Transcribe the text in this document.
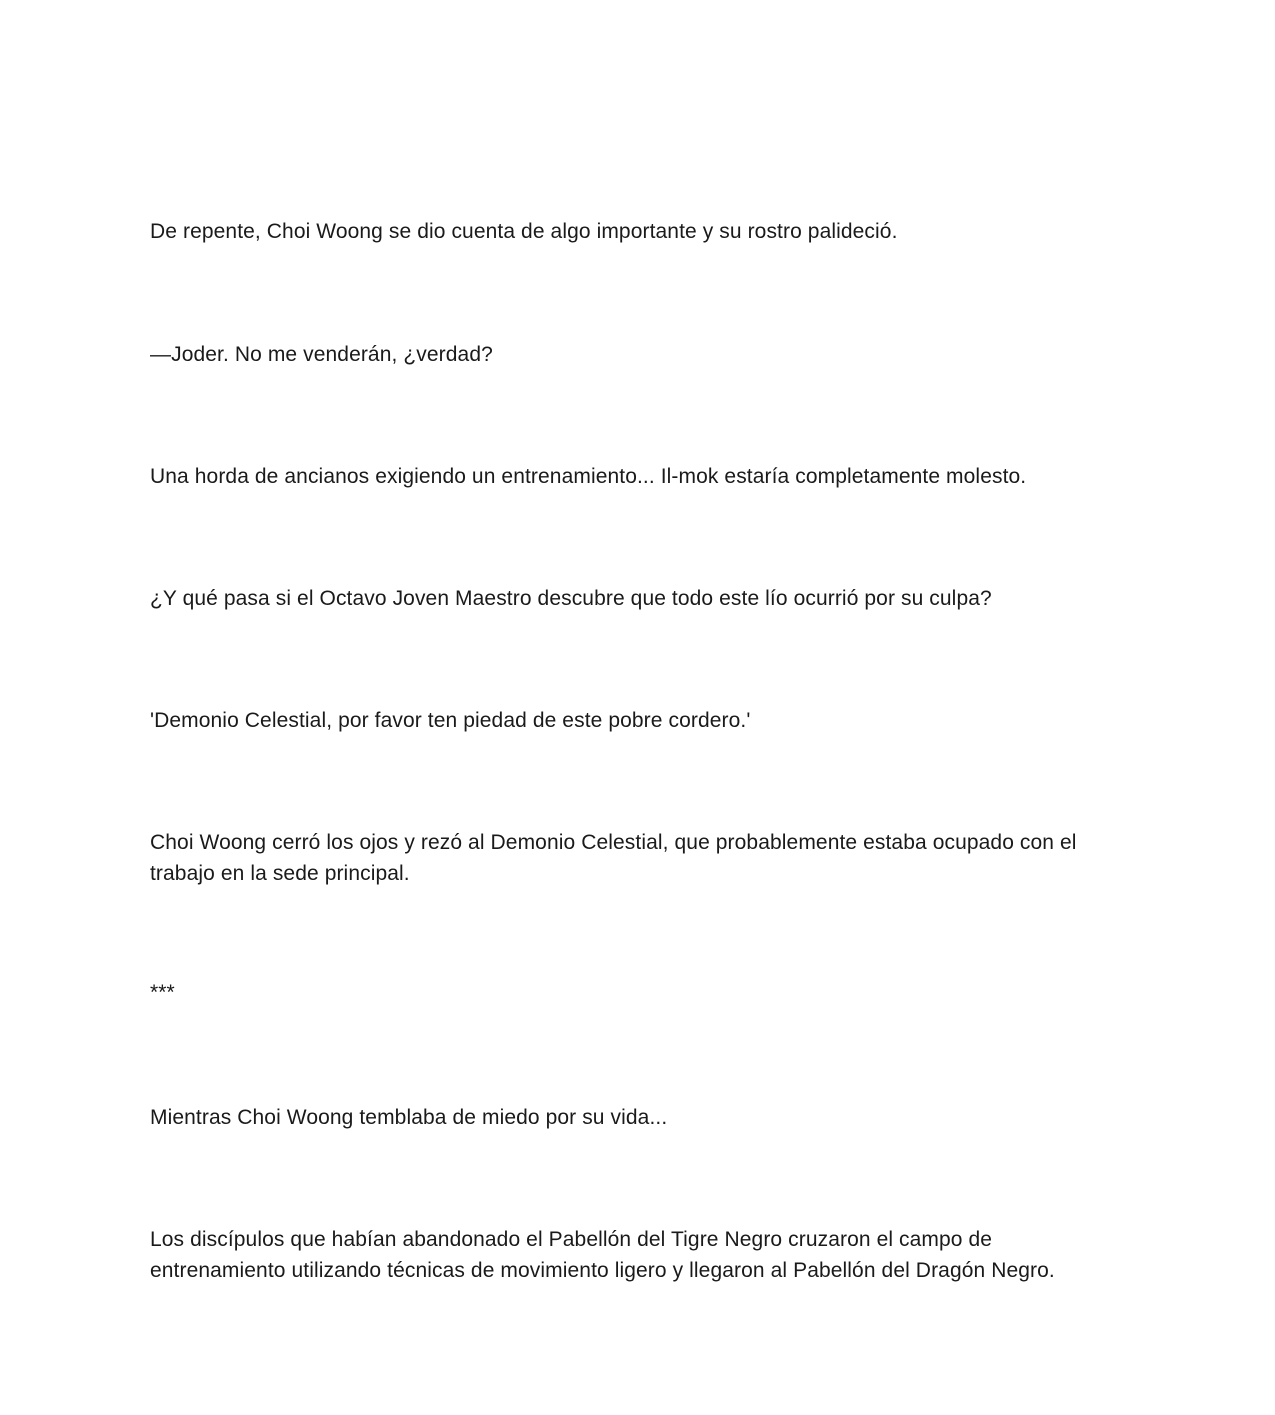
De repente, Choi Woong se dio cuenta de algo importante y su rostro palideció.

—Joder. No me venderán, ¿verdad?

Una horda de ancianos exigiendo un entrenamiento... Il-mok estaría completamente molesto.

¿Y qué pasa si el Octavo Joven Maestro descubre que todo este lío ocurrió por su culpa?

'Demonio Celestial, por favor ten piedad de este pobre cordero.'

Choi Woong cerró los ojos y rezó al Demonio Celestial, que probablemente estaba ocupado con el trabajo en la sede principal.

***

Mientras Choi Woong temblaba de miedo por su vida...

Los discípulos que habían abandonado el Pabellón del Tigre Negro cruzaron el campo de entrenamiento utilizando técnicas de movimiento ligero y llegaron al Pabellón del Dragón Negro.
